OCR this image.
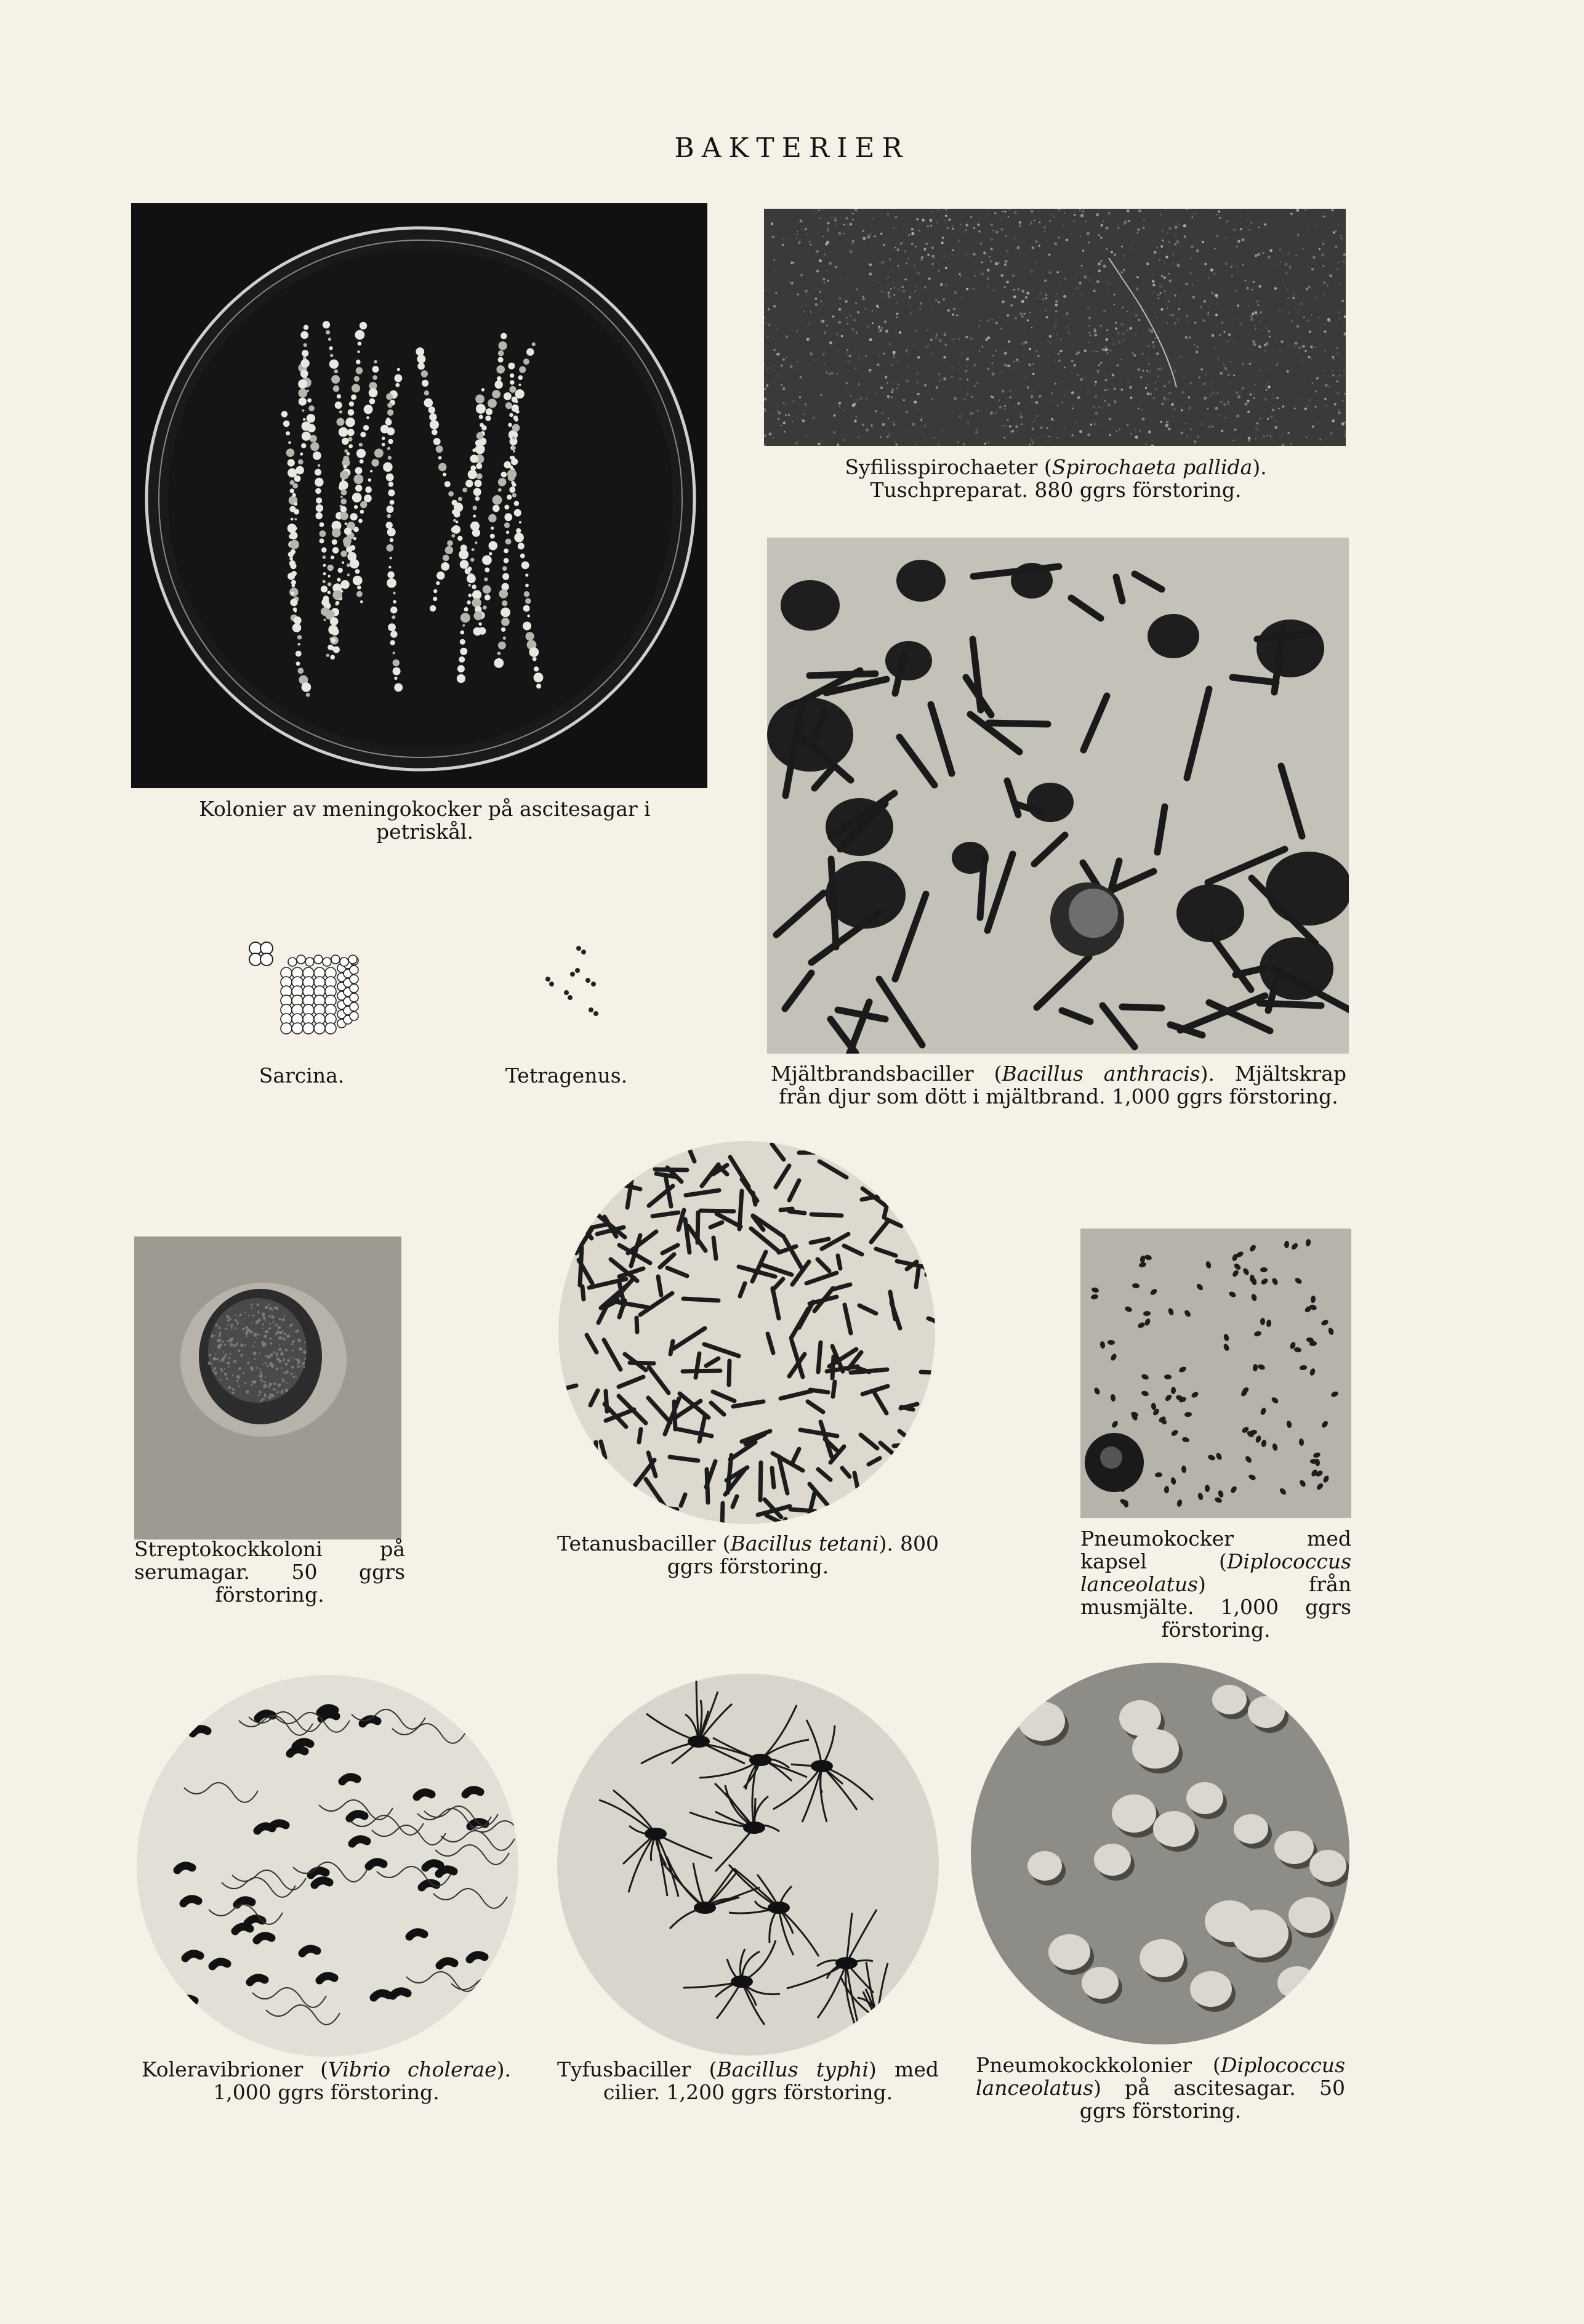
BAKTERIER

Kolonier av meningokocker på ascitesagar i petriskål.

Syfilisspirochaeter (Spirochaeta pallida). Tuschpreparat. 880 ggrs förstoring.

Sarcina.	Tetragenus.	Mjältbrandsbaciller (Bacillus anthracis). Mjältskrap från djur som dött i mjältbrand. 1,000 ggrs förstoring.

Streptokockkoloni på serumagar. 50 ggrs förstoring.

Tetanusbaciller (Bacillus tetani). 800 ggrs förstoring.

Pneumokocker med kapsel (Diplococcus lanceolatus) från musmjälte. 1,000 ggrs förstoring.

Koleravibrioner (Vibrio cholerae). 1,000 ggrs förstoring.

Tyfusbaciller (Bacillus typhi) med cilier. 1,200 ggrs förstoring.

Pneumokockkolonier (Diplococcus lanceolatus) på ascitesagar. 50 ggrs förstoring.
